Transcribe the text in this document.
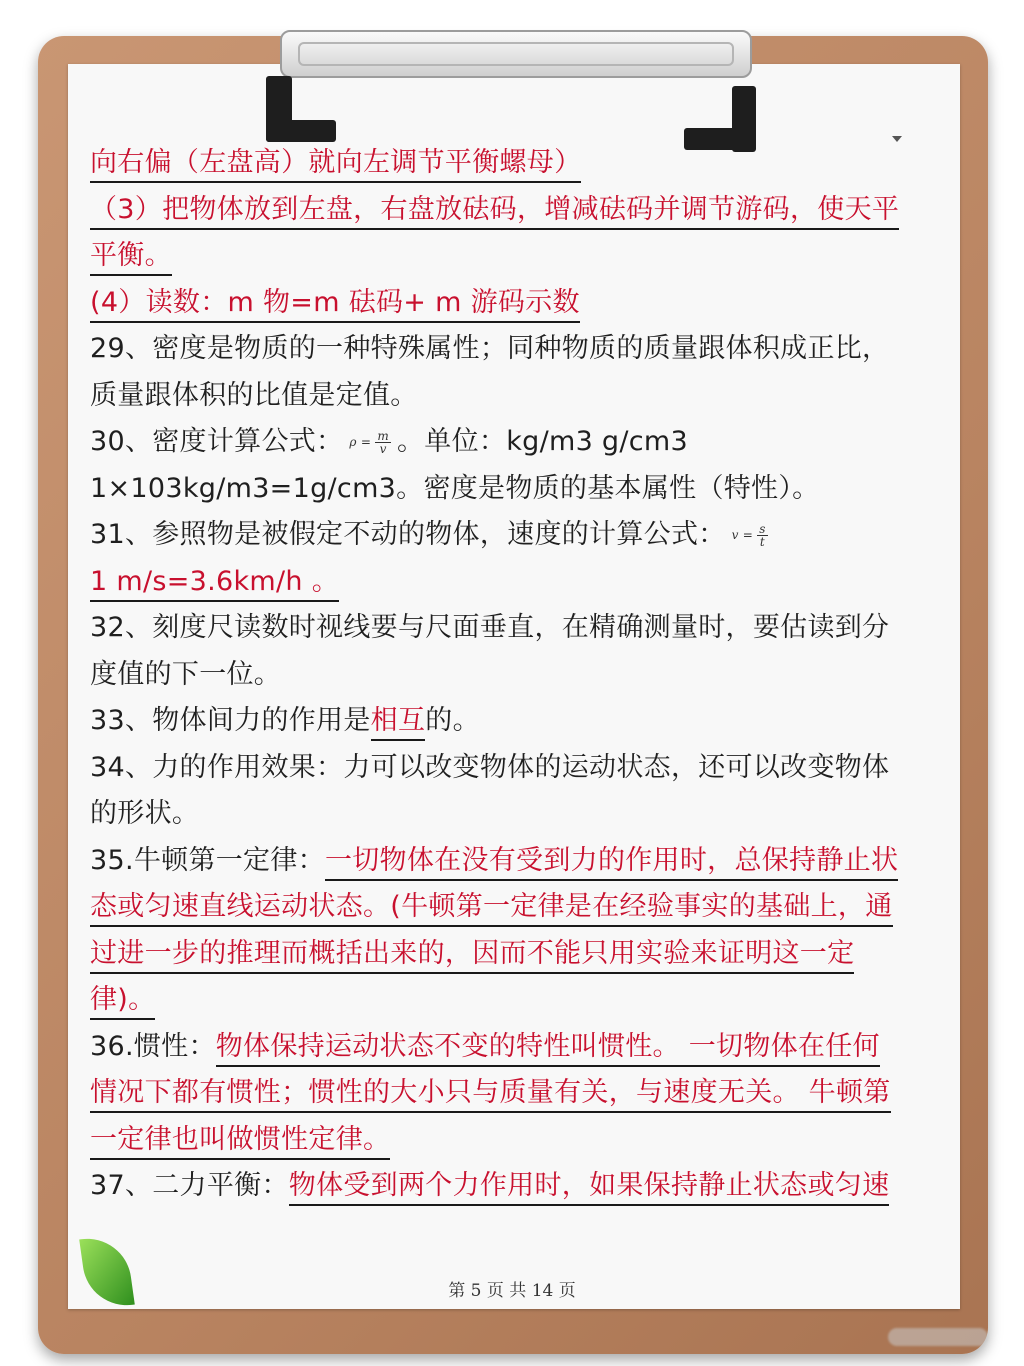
向右偏（左盘高）就向左调节平衡螺母）
（3）把物体放到左盘，右盘放砝码，增减砝码并调节游码，使天平
平衡。
(4）读数：m 物=m 砝码+ m 游码示数
29、密度是物质的一种特殊属性；同种物质的质量跟体积成正比，
质量跟体积的比值是定值。
30、密度计算公式： $\rho = \frac{m}{v}$ 。单位：kg/m3 g/cm3
1×103kg/m3=1g/cm3。密度是物质的基本属性（特性）。
31、参照物是被假定不动的物体，速度的计算公式： $v = \frac{s}{t}$
1 m/s=3.6km/h 。
32、刻度尺读数时视线要与尺面垂直，在精确测量时，要估读到分
度值的下一位。
33、物体间力的作用是相互的。
34、力的作用效果：力可以改变物体的运动状态，还可以改变物体
的形状。
35.牛顿第一定律：一切物体在没有受到力的作用时，总保持静止状
态或匀速直线运动状态。(牛顿第一定律是在经验事实的基础上，通
过进一步的推理而概括出来的，因而不能只用实验来证明这一定
律)。
36.惯性：物体保持运动状态不变的特性叫惯性。 一切物体在任何
情况下都有惯性；惯性的大小只与质量有关，与速度无关。 牛顿第
一定律也叫做惯性定律。
37、二力平衡：物体受到两个力作用时，如果保持静止状态或匀速
第 5 页 共 14 页
